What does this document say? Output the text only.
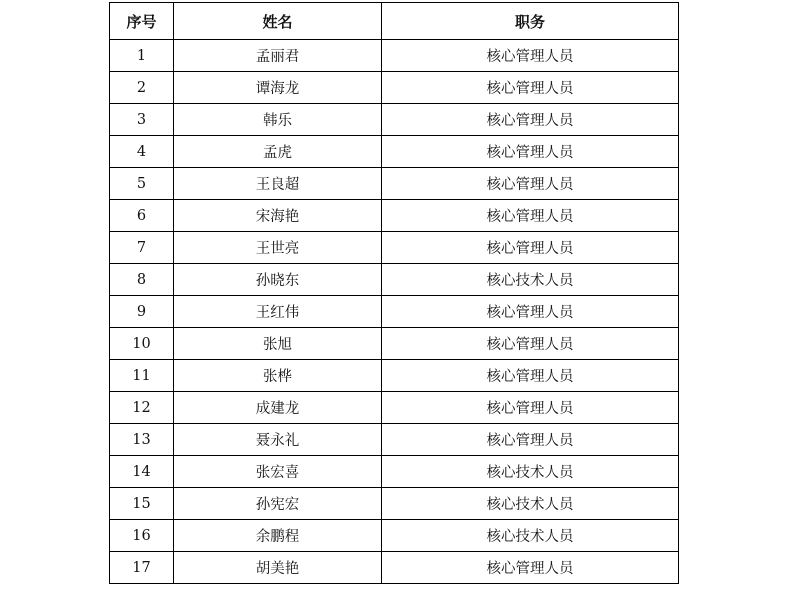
序号	姓名	职务
1	孟丽君	核心管理人员
2	谭海龙	核心管理人员
3	韩乐	核心管理人员
4	孟虎	核心管理人员
5	王良超	核心管理人员
6	宋海艳	核心管理人员
7	王世亮	核心管理人员
8	孙晓东	核心技术人员
9	王红伟	核心管理人员
10	张旭	核心管理人员
11	张桦	核心管理人员
12	成建龙	核心管理人员
13	聂永礼	核心管理人员
14	张宏喜	核心技术人员
15	孙宪宏	核心技术人员
16	余鹏程	核心技术人员
17	胡美艳	核心管理人员
